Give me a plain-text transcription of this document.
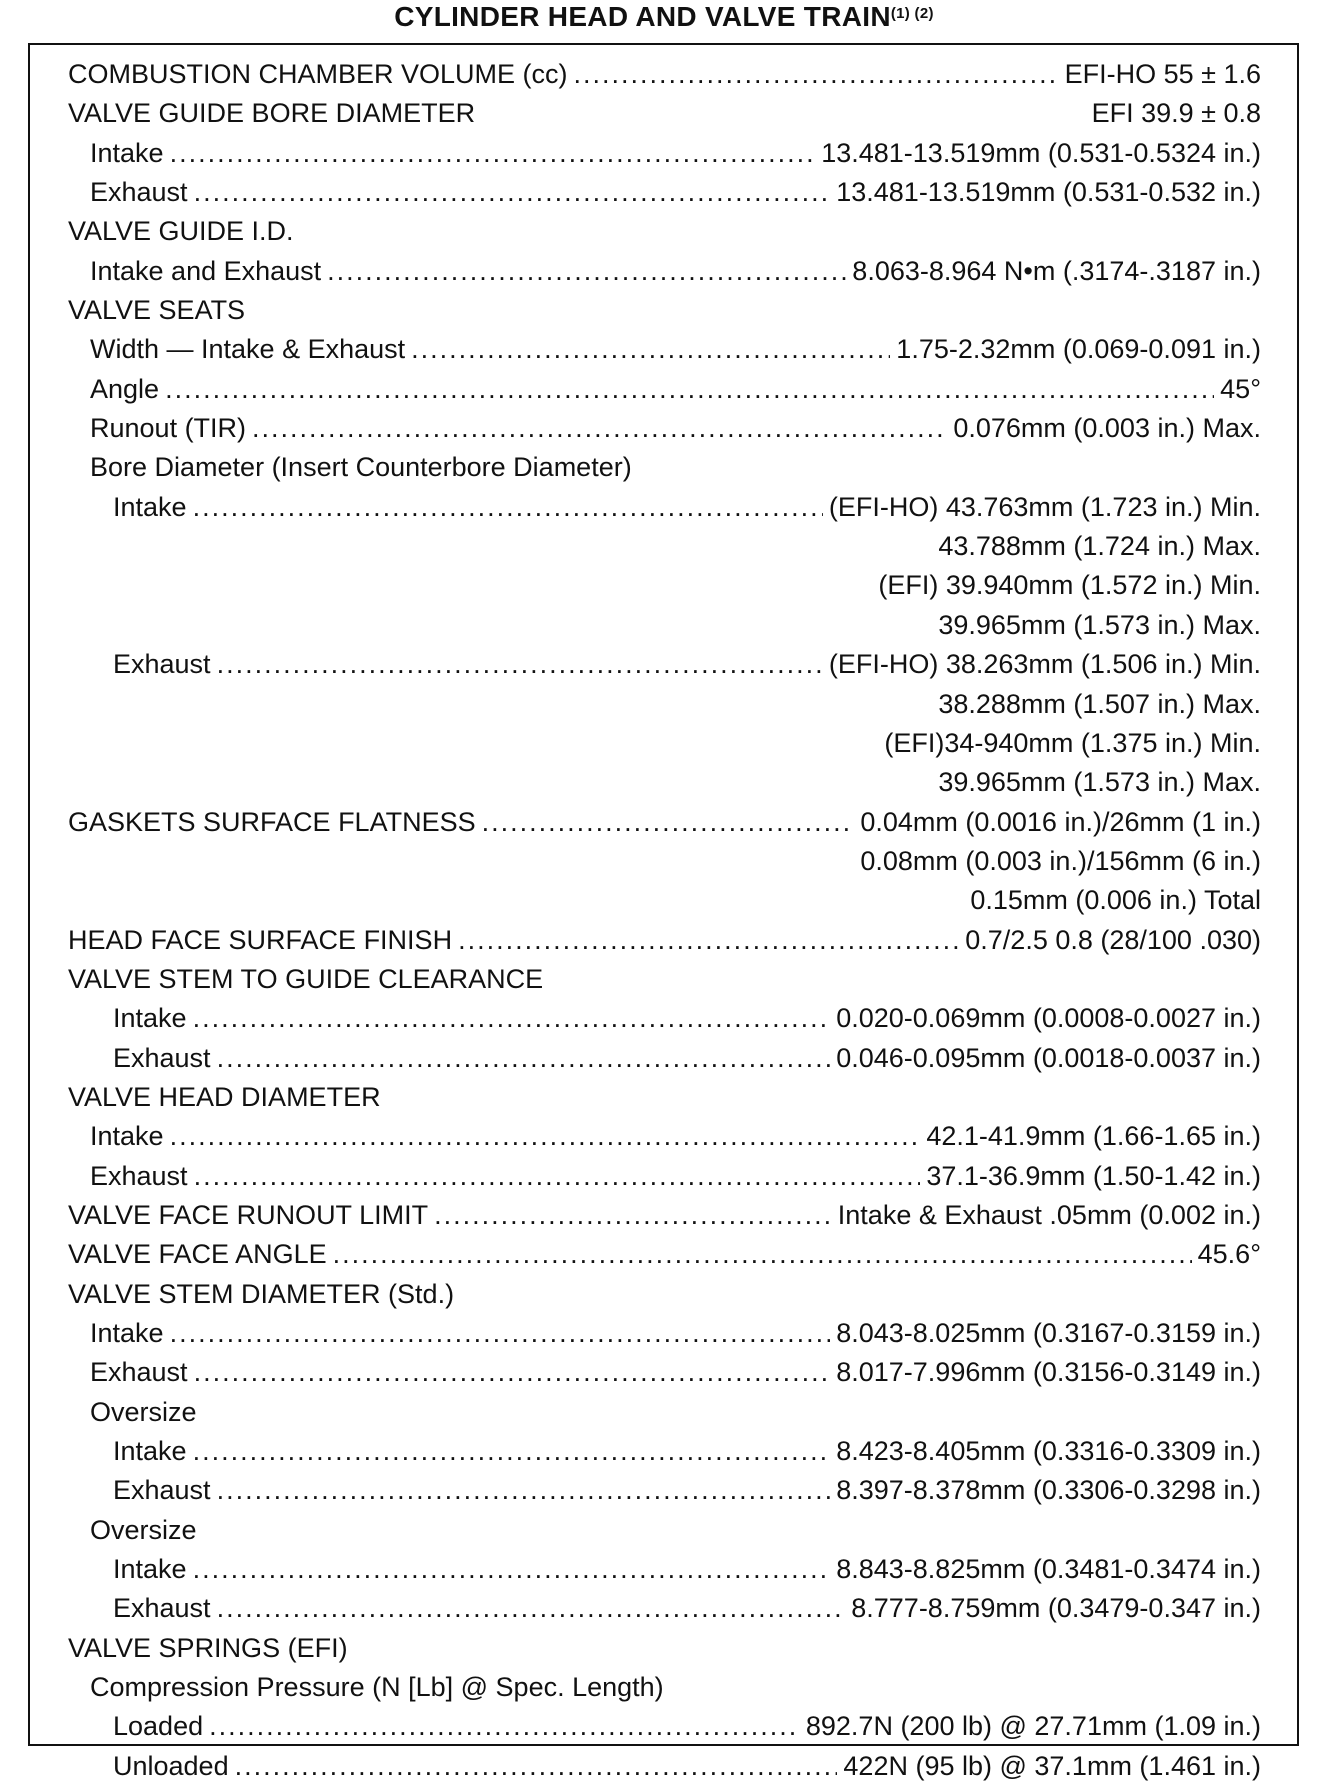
CYLINDER HEAD AND VALVE $TRAIN^{(1) (2)}$
COMBUSTION CHAMBER VOLUME (cc) .....	EFI-HO 55 ± 1.6
VALVE GUIDE BORE DIAMETER	EFI 39.9 ± 0.8
Intake .....	13.481-13.519mm (0.531-0.5324 in.)
Exhaust .....	13.481-13.519mm (0.531-0.532 in.)
VALVE GUIDE I.D.
Intake and Exhaust .....	8.063-8.964 N•m (.3174-.3187 in.)
VALVE SEATS
Width — Intake & Exhaust .....	1.75-2.32mm (0.069-0.091 in.)
Angle .....	45°
Runout (TIR) .....	0.076mm (0.003 in.) Max.
Bore Diameter (Insert Counterbore Diameter)
Intake .....	(EFI-HO) 43.763mm (1.723 in.) Min.
43.788mm (1.724 in.) Max.
(EFI) 39.940mm (1.572 in.) Min.
39.965mm (1.573 in.) Max.
Exhaust .....	(EFI-HO) 38.263mm (1.506 in.) Min.
38.288mm (1.507 in.) Max.
(EFI)34-940mm (1.375 in.) Min.
39.965mm (1.573 in.) Max.
GASKETS SURFACE FLATNESS .....	0.04mm (0.0016 in.)/26mm (1 in.)
0.08mm (0.003 in.)/156mm (6 in.)
0.15mm (0.006 in.) Total
HEAD FACE SURFACE FINISH .....	0.7/2.5 0.8 (28/100 .030)
VALVE STEM TO GUIDE CLEARANCE
Intake .....	0.020-0.069mm (0.0008-0.0027 in.)
Exhaust .....	0.046-0.095mm (0.0018-0.0037 in.)
VALVE HEAD DIAMETER
Intake .....	42.1-41.9mm (1.66-1.65 in.)
Exhaust .....	37.1-36.9mm (1.50-1.42 in.)
VALVE FACE RUNOUT LIMIT .....	Intake & Exhaust .05mm (0.002 in.)
VALVE FACE ANGLE .....	45.6°
VALVE STEM DIAMETER (Std.)
Intake .....	8.043-8.025mm (0.3167-0.3159 in.)
Exhaust .....	8.017-7.996mm (0.3156-0.3149 in.)
Oversize
Intake .....	8.423-8.405mm (0.3316-0.3309 in.)
Exhaust .....	8.397-8.378mm (0.3306-0.3298 in.)
Oversize
Intake .....	8.843-8.825mm (0.3481-0.3474 in.)
Exhaust .....	8.777-8.759mm (0.3479-0.347 in.)
VALVE SPRINGS (EFI)
Compression Pressure (N [Lb] @ Spec. Length)
Loaded .....	892.7N (200 lb) @ 27.71mm (1.09 in.)
Unloaded .....	422N (95 lb) @ 37.1mm (1.461 in.)
